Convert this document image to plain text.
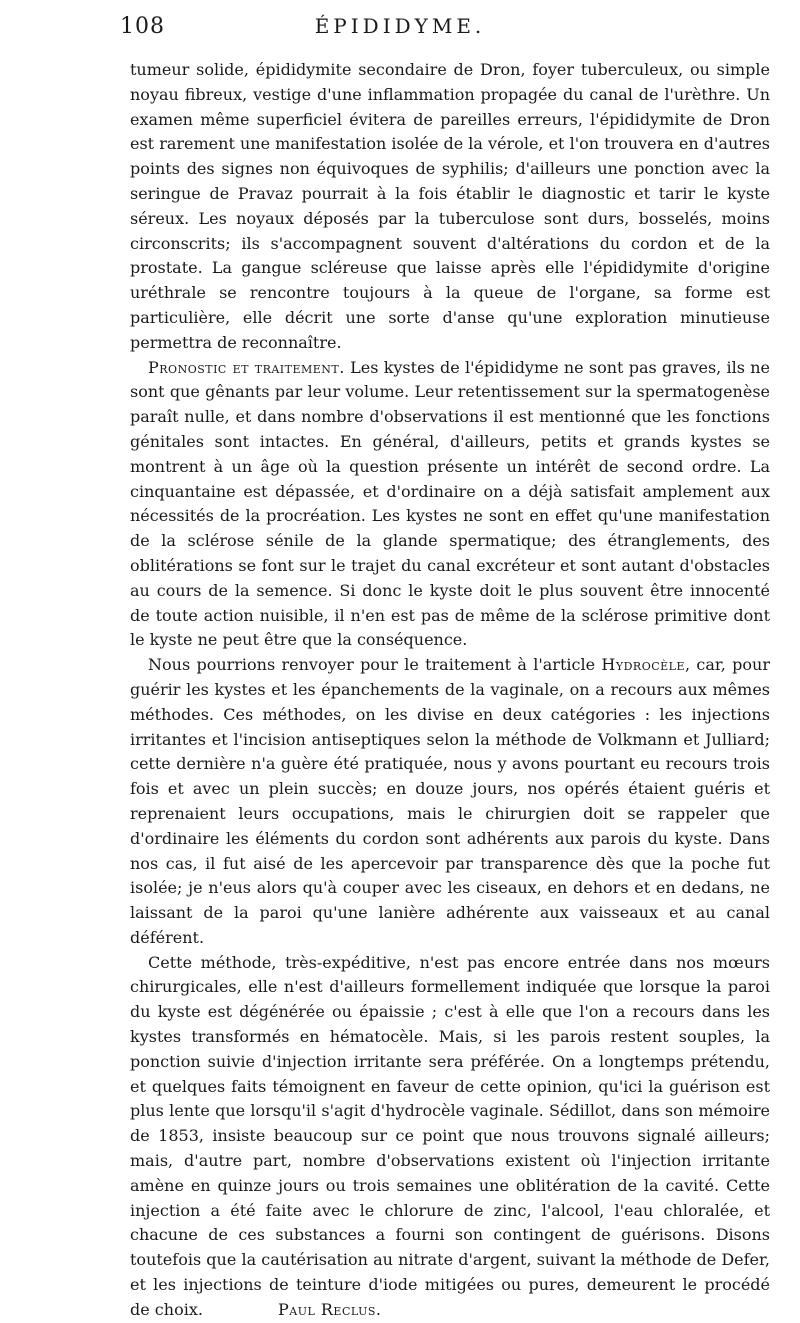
108	ÉPIDIDYME.

tumeur solide, épididymite secondaire de Dron, foyer tuberculeux, ou simple noyau fibreux, vestige d'une inflammation propagée du canal de l'urèthre. Un examen même superficiel évitera de pareilles erreurs, l'épididymite de Dron est rarement une manifestation isolée de la vérole, et l'on trouvera en d'autres points des signes non équivoques de syphilis; d'ailleurs une ponction avec la seringue de Pravaz pourrait à la fois établir le diagnostic et tarir le kyste séreux. Les noyaux déposés par la tuberculose sont durs, bosselés, moins circonscrits; ils s'accompagnent souvent d'altérations du cordon et de la prostate. La gangue scléreuse que laisse après elle l'épididymite d'origine uréthrale se rencontre toujours à la queue de l'organe, sa forme est particulière, elle décrit une sorte d'anse qu'une exploration minutieuse permettra de reconnaître.

Pronostic et traitement. Les kystes de l'épididyme ne sont pas graves, ils ne sont que gênants par leur volume. Leur retentissement sur la spermatogenèse paraît nulle, et dans nombre d'observations il est mentionné que les fonctions génitales sont intactes. En général, d'ailleurs, petits et grands kystes se montrent à un âge où la question présente un intérêt de second ordre. La cinquantaine est dépassée, et d'ordinaire on a déjà satisfait amplement aux nécessités de la procréation. Les kystes ne sont en effet qu'une manifestation de la sclérose sénile de la glande spermatique; des étranglements, des oblitérations se font sur le trajet du canal excréteur et sont autant d'obstacles au cours de la semence. Si donc le kyste doit le plus souvent être innocenté de toute action nuisible, il n'en est pas de même de la sclérose primitive dont le kyste ne peut être que la conséquence.

Nous pourrions renvoyer pour le traitement à l'article Hydrocèle, car, pour guérir les kystes et les épanchements de la vaginale, on a recours aux mêmes méthodes. Ces méthodes, on les divise en deux catégories : les injections irritantes et l'incision antiseptiques selon la méthode de Volkmann et Julliard; cette dernière n'a guère été pratiquée, nous y avons pourtant eu recours trois fois et avec un plein succès; en douze jours, nos opérés étaient guéris et reprenaient leurs occupations, mais le chirurgien doit se rappeler que d'ordinaire les éléments du cordon sont adhérents aux parois du kyste. Dans nos cas, il fut aisé de les apercevoir par transparence dès que la poche fut isolée; je n'eus alors qu'à couper avec les ciseaux, en dehors et en dedans, ne laissant de la paroi qu'une lanière adhérente aux vaisseaux et au canal déférent.

Cette méthode, très-expéditive, n'est pas encore entrée dans nos mœurs chirurgicales, elle n'est d'ailleurs formellement indiquée que lorsque la paroi du kyste est dégénérée ou épaissie ; c'est à elle que l'on a recours dans les kystes transformés en hématocèle. Mais, si les parois restent souples, la ponction suivie d'injection irritante sera préférée. On a longtemps prétendu, et quelques faits témoignent en faveur de cette opinion, qu'ici la guérison est plus lente que lorsqu'il s'agit d'hydrocèle vaginale. Sédillot, dans son mémoire de 1853, insiste beaucoup sur ce point que nous trouvons signalé ailleurs; mais, d'autre part, nombre d'observations existent où l'injection irritante amène en quinze jours ou trois semaines une oblitération de la cavité. Cette injection a été faite avec le chlorure de zinc, l'alcool, l'eau chloralée, et chacune de ces substances a fourni son contingent de guérisons. Disons toutefois que la cautérisation au nitrate d'argent, suivant la méthode de Defer, et les injections de teinture d'iode mitigées ou pures, demeurent le procédé de choix.	Paul Reclus.
